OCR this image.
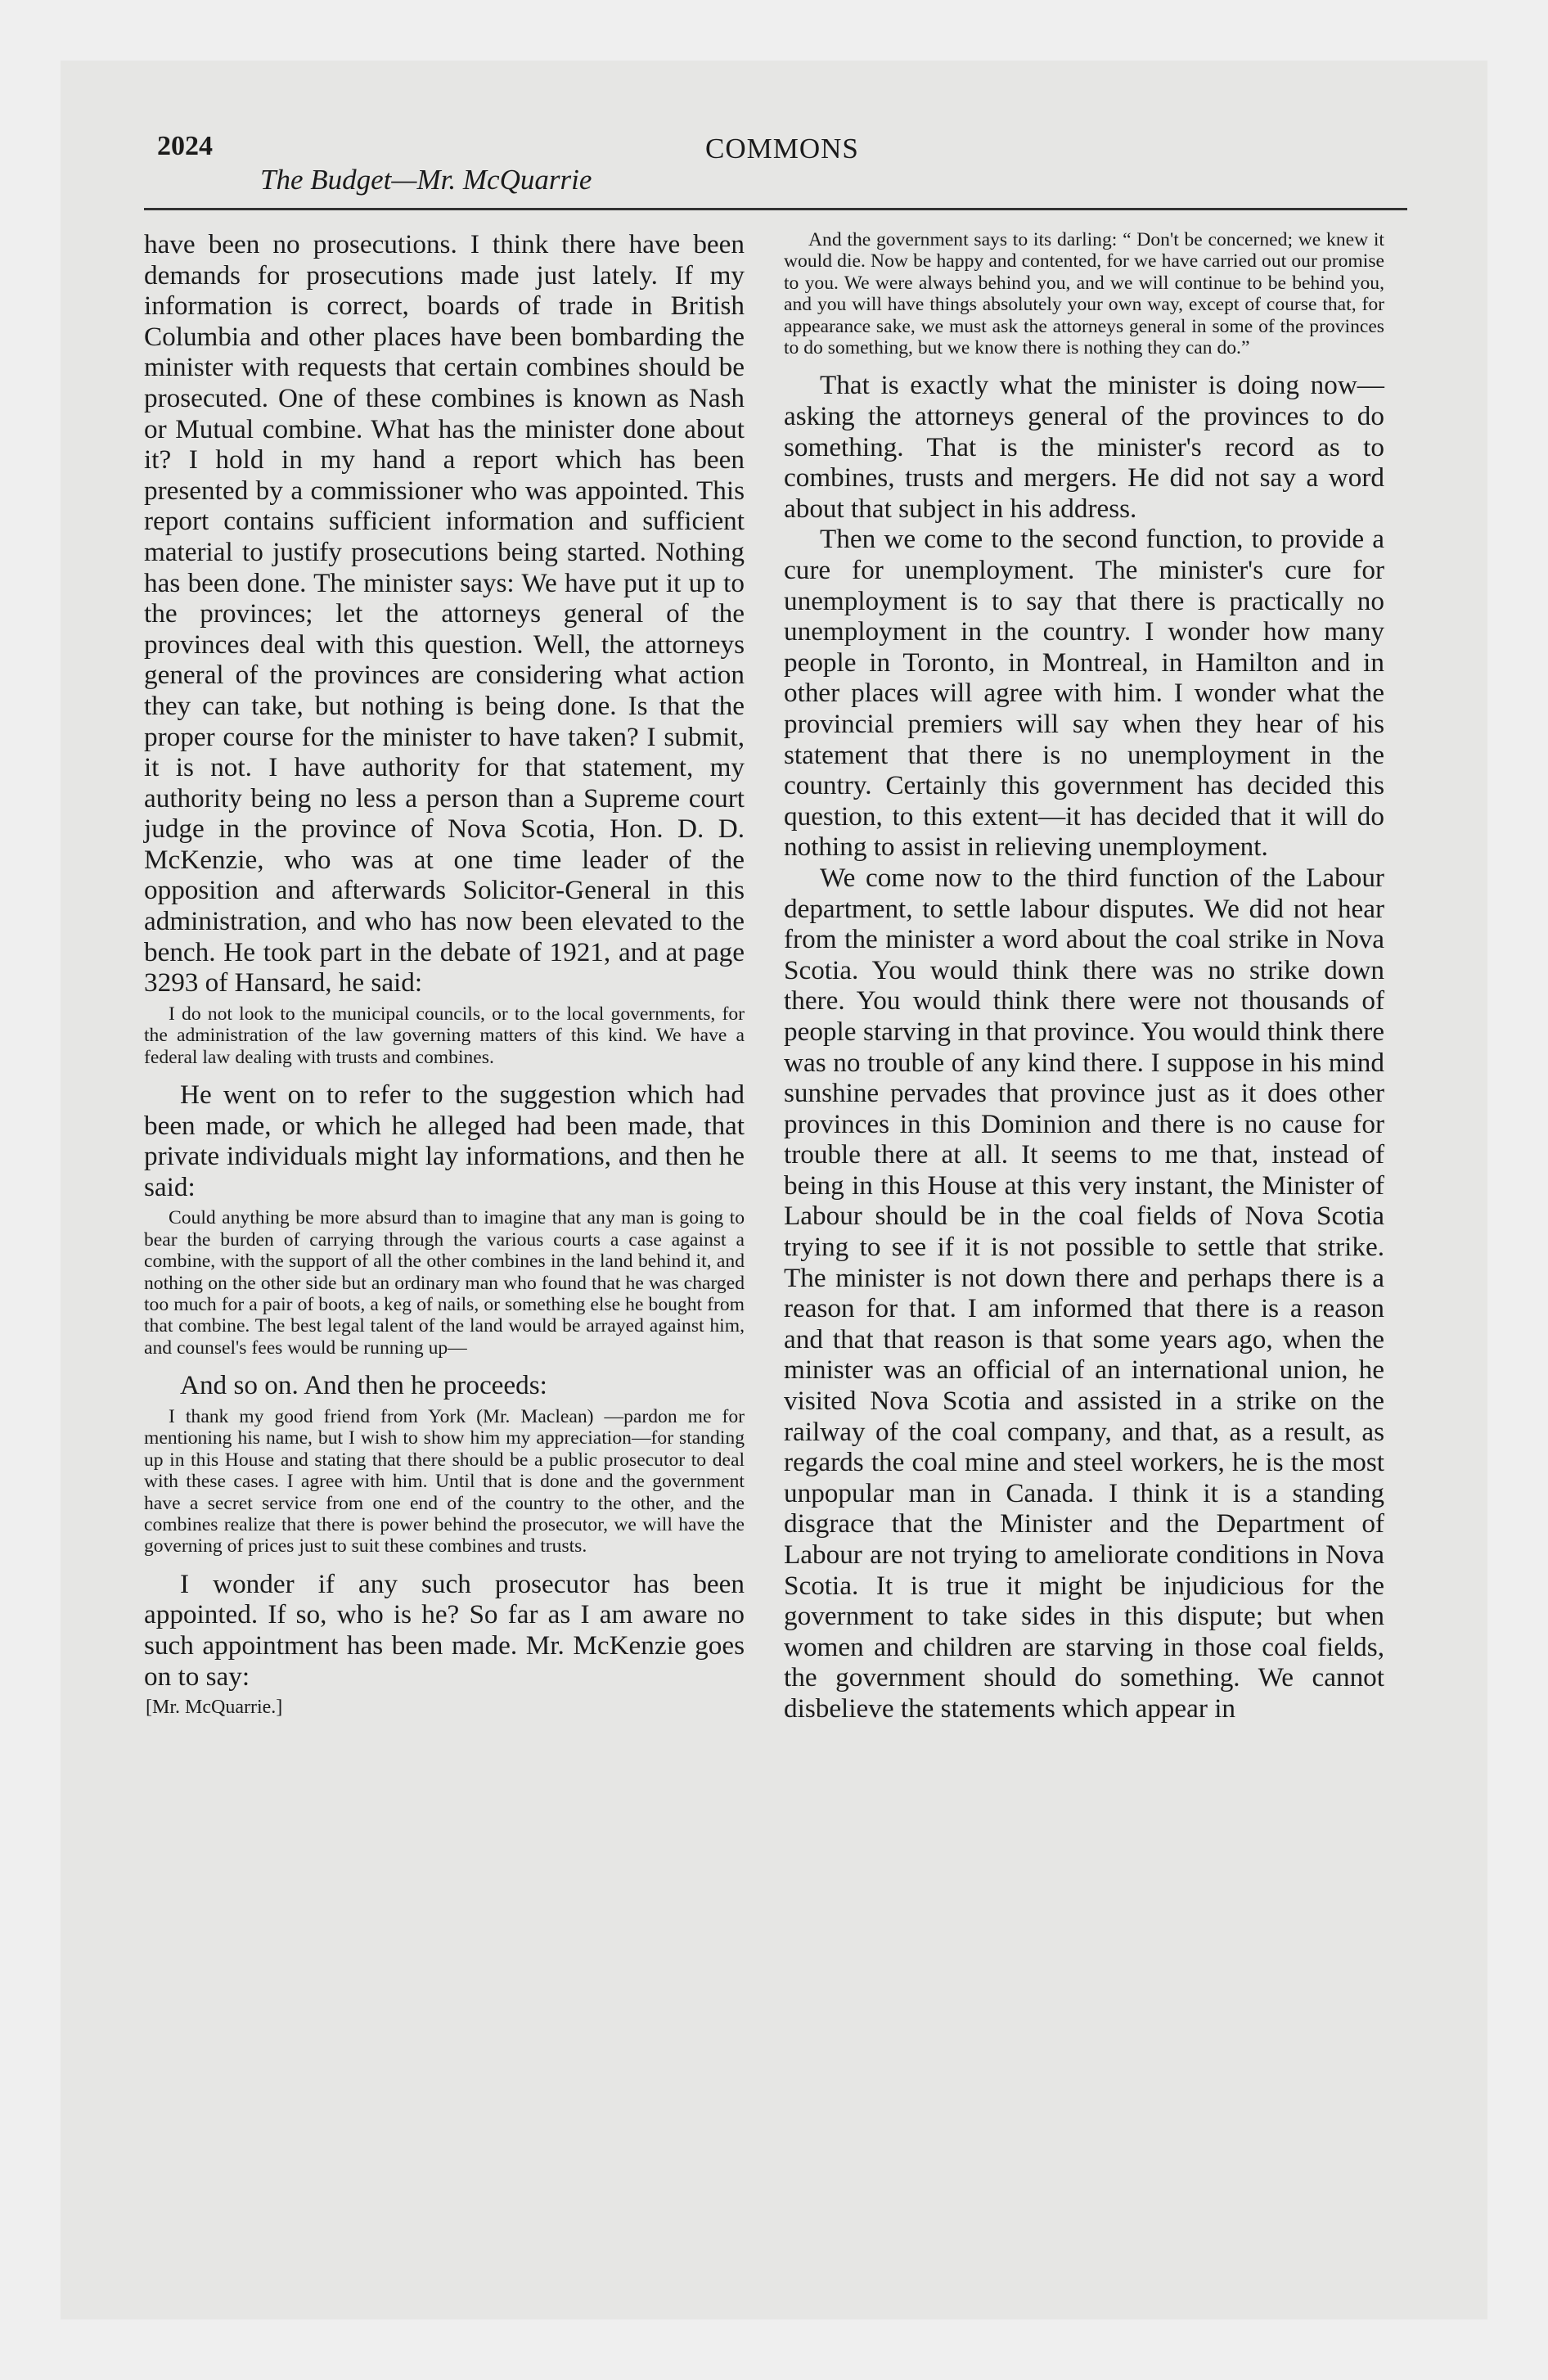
2024
The Budget—Mr. McQuarrie
COMMONS

have been no prosecutions. I think there have been demands for prosecutions made just lately. If my information is correct, boards of trade in British Columbia and other places have been bombarding the minister with requests that certain combines should be prosecuted. One of these combines is known as Nash or Mutual combine. What has the minister done about it? I hold in my hand a report which has been presented by a commissioner who was appointed. This report contains sufficient information and sufficient material to justify prosecutions being started. Nothing has been done. The minister says: We have put it up to the provinces; let the attorneys general of the provinces deal with this question. Well, the attorneys general of the provinces are considering what action they can take, but nothing is being done. Is that the proper course for the minister to have taken? I submit, it is not. I have authority for that statement, my authority being no less a person than a Supreme court judge in the province of Nova Scotia, Hon. D. D. McKenzie, who was at one time leader of the opposition and afterwards Solicitor-General in this administration, and who has now been elevated to the bench. He took part in the debate of 1921, and at page 3293 of Hansard, he said:

I do not look to the municipal councils, or to the local governments, for the administration of the law governing matters of this kind. We have a federal law dealing with trusts and combines.

He went on to refer to the suggestion which had been made, or which he alleged had been made, that private individuals might lay informations, and then he said:

Could anything be more absurd than to imagine that any man is going to bear the burden of carrying through the various courts a case against a combine, with the support of all the other combines in the land behind it, and nothing on the other side but an ordinary man who found that he was charged too much for a pair of boots, a keg of nails, or something else he bought from that combine. The best legal talent of the land would be arrayed against him, and counsel's fees would be running up—

And so on. And then he proceeds:

I thank my good friend from York (Mr. Maclean) —pardon me for mentioning his name, but I wish to show him my appreciation—for standing up in this House and stating that there should be a public prosecutor to deal with these cases. I agree with him. Until that is done and the government have a secret service from one end of the country to the other, and the combines realize that there is power behind the prosecutor, we will have the governing of prices just to suit these combines and trusts.

I wonder if any such prosecutor has been appointed. If so, who is he? So far as I am aware no such appointment has been made. Mr. McKenzie goes on to say:

[Mr. McQuarrie.]

And the government says to its darling: “ Don't be concerned; we knew it would die. Now be happy and contented, for we have carried out our promise to you. We were always behind you, and we will continue to be behind you, and you will have things absolutely your own way, except of course that, for appearance sake, we must ask the attorneys general in some of the provinces to do something, but we know there is nothing they can do.”

That is exactly what the minister is doing now—asking the attorneys general of the provinces to do something. That is the minister's record as to combines, trusts and mergers. He did not say a word about that subject in his address.

Then we come to the second function, to provide a cure for unemployment. The minister's cure for unemployment is to say that there is practically no unemployment in the country. I wonder how many people in Toronto, in Montreal, in Hamilton and in other places will agree with him. I wonder what the provincial premiers will say when they hear of his statement that there is no unemployment in the country. Certainly this government has decided this question, to this extent—it has decided that it will do nothing to assist in relieving unemployment.

We come now to the third function of the Labour department, to settle labour disputes. We did not hear from the minister a word about the coal strike in Nova Scotia. You would think there was no strike down there. You would think there were not thousands of people starving in that province. You would think there was no trouble of any kind there. I suppose in his mind sunshine pervades that province just as it does other provinces in this Dominion and there is no cause for trouble there at all. It seems to me that, instead of being in this House at this very instant, the Minister of Labour should be in the coal fields of Nova Scotia trying to see if it is not possible to settle that strike. The minister is not down there and perhaps there is a reason for that. I am informed that there is a reason and that that reason is that some years ago, when the minister was an official of an international union, he visited Nova Scotia and assisted in a strike on the railway of the coal company, and that, as a result, as regards the coal mine and steel workers, he is the most unpopular man in Canada. I think it is a standing disgrace that the Minister and the Department of Labour are not trying to ameliorate conditions in Nova Scotia. It is true it might be injudicious for the government to take sides in this dispute; but when women and children are starving in those coal fields, the government should do something. We cannot disbelieve the statements which appear in
